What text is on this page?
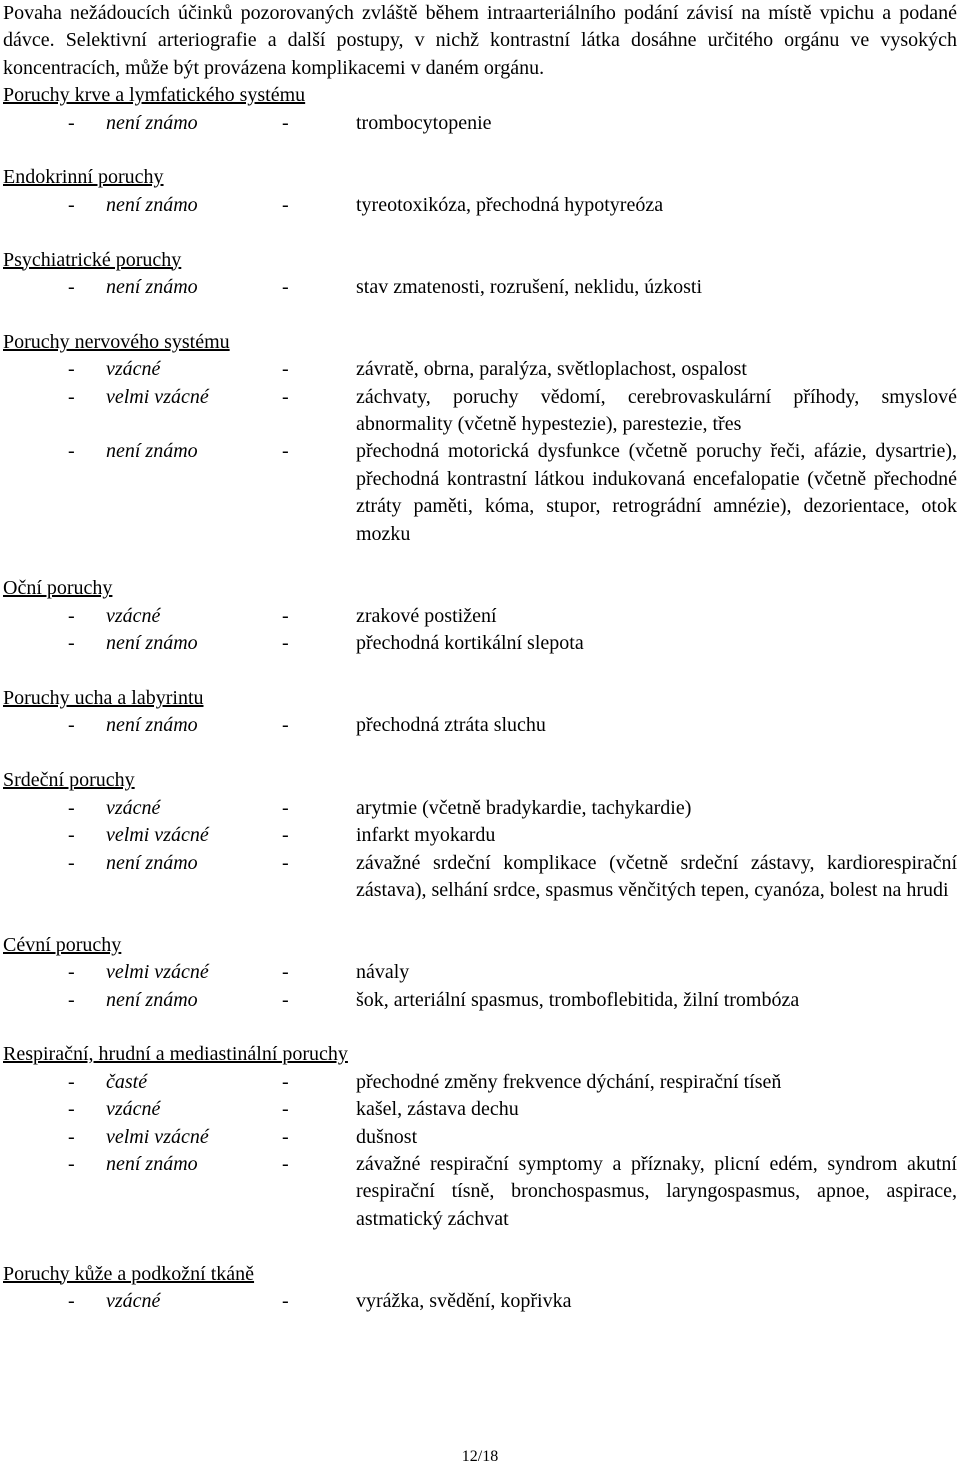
Povaha nežádoucích účinků pozorovaných zvláště během intraarteriálního podání závisí na místě vpichu a podané dávce. Selektivní arteriografie a další postupy, v nichž kontrastní látka dosáhne určitého orgánu ve vysokých koncentracích, může být provázena komplikacemi v daném orgánu.

Poruchy krve a lymfatického systému

-	není známo	-	trombocytopenie

Endokrinní poruchy

-	není známo	-	tyreotoxikóza, přechodná hypotyreóza

Psychiatrické poruchy

-	není známo	-	stav zmatenosti, rozrušení, neklidu, úzkosti

Poruchy nervového systému

-	vzácné	-	závratě, obrna, paralýza, světloplachost, ospalost
-	velmi vzácné	-	záchvaty, poruchy vědomí, cerebrovaskulární příhody, smyslové abnormality (včetně hypestezie), parestezie, třes
-	není známo	-	přechodná motorická dysfunkce (včetně poruchy řeči, afázie, dysartrie), přechodná kontrastní látkou indukovaná encefalopatie (včetně přechodné ztráty paměti, kóma, stupor, retrográdní amnézie), dezorientace, otok mozku

Oční poruchy

-	vzácné	-	zrakové postižení
-	není známo	-	přechodná kortikální slepota

Poruchy ucha a labyrintu

-	není známo	-	přechodná ztráta sluchu

Srdeční poruchy

-	vzácné	-	arytmie (včetně bradykardie, tachykardie)
-	velmi vzácné	-	infarkt myokardu
-	není známo	-	závažné srdeční komplikace (včetně srdeční zástavy, kardiorespirační zástava), selhání srdce, spasmus věnčitých tepen, cyanóza, bolest na hrudi

Cévní poruchy

-	velmi vzácné	-	návaly
-	není známo	-	šok, arteriální spasmus, tromboflebitida, žilní trombóza

Respirační, hrudní a mediastinální poruchy

-	časté	-	přechodné změny frekvence dýchání, respirační tíseň
-	vzácné	-	kašel, zástava dechu
-	velmi vzácné	-	dušnost
-	není známo	-	závažné respirační symptomy a příznaky, plicní edém, syndrom akutní respirační tísně, bronchospasmus, laryngospasmus, apnoe, aspirace, astmatický záchvat

Poruchy kůže a podkožní tkáně

-	vzácné	-	vyrážka, svědění, kopřivka
12/18
